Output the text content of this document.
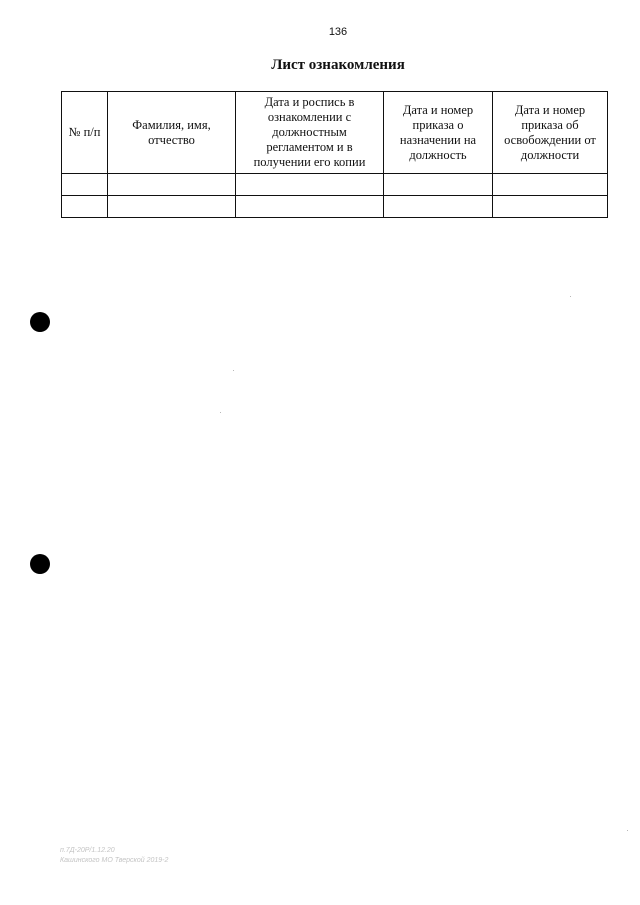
136
Лист ознакомления
№ п/п	Фамилия, имя, отчество	Дата и роспись в ознакомлении с должностным регламентом и в получении его копии	Дата и номер приказа о назначении на должность	Дата и номер приказа об освобождении от должности

п.7Д-20Р/1.12.20
Кашинского МО Тверской 2019-2
